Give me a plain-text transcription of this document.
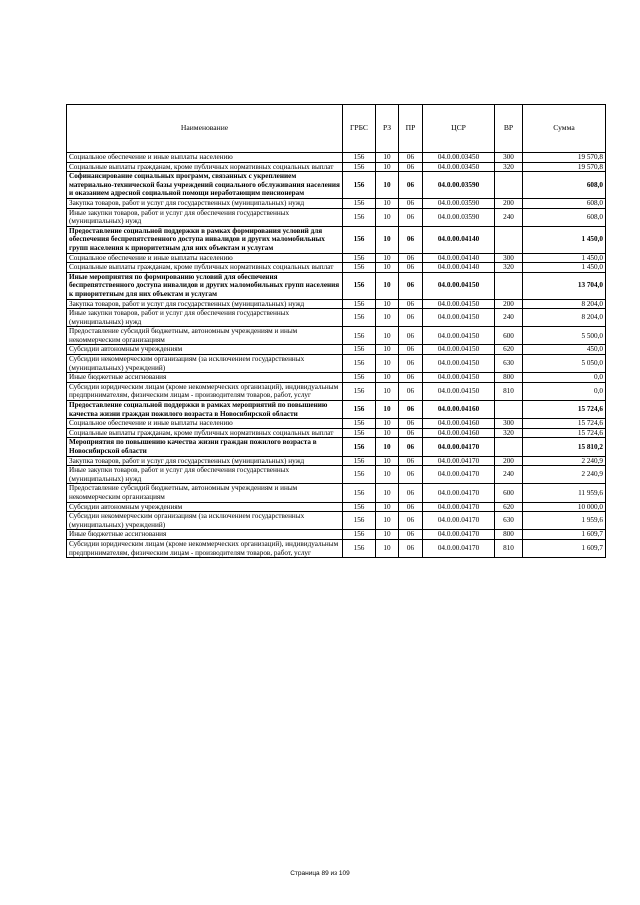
Наименование	ГРБС	РЗ	ПР	ЦСР	ВР	Сумма
Социальное обеспечение и иные выплаты населению	156	10	06	04.0.00.03450	300	19 570,8
Социальные выплаты гражданам, кроме публичных нормативных социальных выплат	156	10	06	04.0.00.03450	320	19 570,8
Софинансирование социальных программ, связанных с укреплением материально-технической базы учреждений социального обслуживания населения и оказанием адресной социальной помощи неработающим пенсионерам	156	10	06	04.0.00.03590		608,0
Закупка товаров, работ и услуг для государственных (муниципальных) нужд	156	10	06	04.0.00.03590	200	608,0
Иные закупки товаров, работ и услуг для обеспечения государственных (муниципальных) нужд	156	10	06	04.0.00.03590	240	608,0
Предоставление социальной поддержки в рамках формирования условий для обеспечения беспрепятственного доступа инвалидов и других маломобильных групп населения к приоритетным для них объектам и услугам	156	10	06	04.0.00.04140		1 450,0
Социальное обеспечение и иные выплаты населению	156	10	06	04.0.00.04140	300	1 450,0
Социальные выплаты гражданам, кроме публичных нормативных социальных выплат	156	10	06	04.0.00.04140	320	1 450,0
Иные мероприятия по формированию условий для обеспечения беспрепятственного доступа инвалидов и других маломобильных групп населения к приоритетным для них объектам и услугам	156	10	06	04.0.00.04150		13 704,0
Закупка товаров, работ и услуг для государственных (муниципальных) нужд	156	10	06	04.0.00.04150	200	8 204,0
Иные закупки товаров, работ и услуг для обеспечения государственных (муниципальных) нужд	156	10	06	04.0.00.04150	240	8 204,0
Предоставление субсидий бюджетным, автономным учреждениям и иным некоммерческим организациям	156	10	06	04.0.00.04150	600	5 500,0
Субсидии автономным учреждениям	156	10	06	04.0.00.04150	620	450,0
Субсидии некоммерческим организациям (за исключением государственных (муниципальных) учреждений)	156	10	06	04.0.00.04150	630	5 050,0
Иные бюджетные ассигнования	156	10	06	04.0.00.04150	800	0,0
Субсидии юридическим лицам (кроме некоммерческих организаций), индивидуальным предпринимателям, физическим лицам - производителям товаров, работ, услуг	156	10	06	04.0.00.04150	810	0,0
Предоставление социальной поддержки в рамках мероприятий по повышению качества жизни граждан пожилого возраста в Новосибирской области	156	10	06	04.0.00.04160		15 724,6
Социальное обеспечение и иные выплаты населению	156	10	06	04.0.00.04160	300	15 724,6
Социальные выплаты гражданам, кроме публичных нормативных социальных выплат	156	10	06	04.0.00.04160	320	15 724,6
Мероприятия по повышению качества жизни граждан пожилого возраста в Новосибирской области	156	10	06	04.0.00.04170		15 810,2
Закупка товаров, работ и услуг для государственных (муниципальных) нужд	156	10	06	04.0.00.04170	200	2 240,9
Иные закупки товаров, работ и услуг для обеспечения государственных (муниципальных) нужд	156	10	06	04.0.00.04170	240	2 240,9
Предоставление субсидий бюджетным, автономным учреждениям и иным некоммерческим организациям	156	10	06	04.0.00.04170	600	11 959,6
Субсидии автономным учреждениям	156	10	06	04.0.00.04170	620	10 000,0
Субсидии некоммерческим организациям (за исключением государственных (муниципальных) учреждений)	156	10	06	04.0.00.04170	630	1 959,6
Иные бюджетные ассигнования	156	10	06	04.0.00.04170	800	1 609,7
Субсидии юридическим лицам (кроме некоммерческих организаций), индивидуальным предпринимателям, физическим лицам - производителям товаров, работ, услуг	156	10	06	04.0.00.04170	810	1 609,7
Страница 89 из 109
